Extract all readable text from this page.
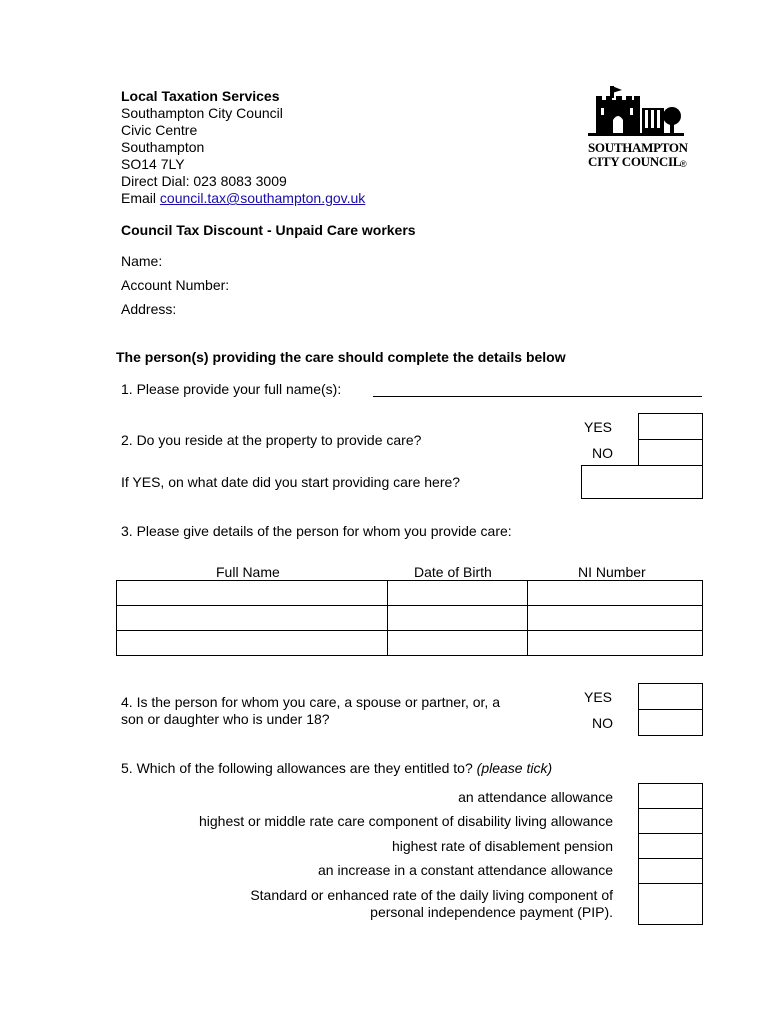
Local Taxation Services
Southampton City Council
Civic Centre
Southampton
SO14 7LY
Direct Dial: 023 8083 3009
Email council.tax@southampton.gov.uk
SOUTHAMPTON
CITY COUNCIL
®
Council Tax Discount - Unpaid Care workers
Name:
Account Number:
Address:
The person(s) providing the care should complete the details below
1. Please provide your full name(s):
2. Do you reside at the property to provide care?
YES
NO
If YES, on what date did you start providing care here?
3. Please give details of the person for whom you provide care:
Full Name	Date of Birth	NI Number

4. Is the person for whom you care, a spouse or partner, or, a
son or daughter who is under 18?
YES
NO
5. Which of the following allowances are they entitled to? (please tick)
an attendance allowance
highest or middle rate care component of disability living allowance
highest rate of disablement pension
an increase in a constant attendance allowance
Standard or enhanced rate of the daily living component of
personal independence payment (PIP).
